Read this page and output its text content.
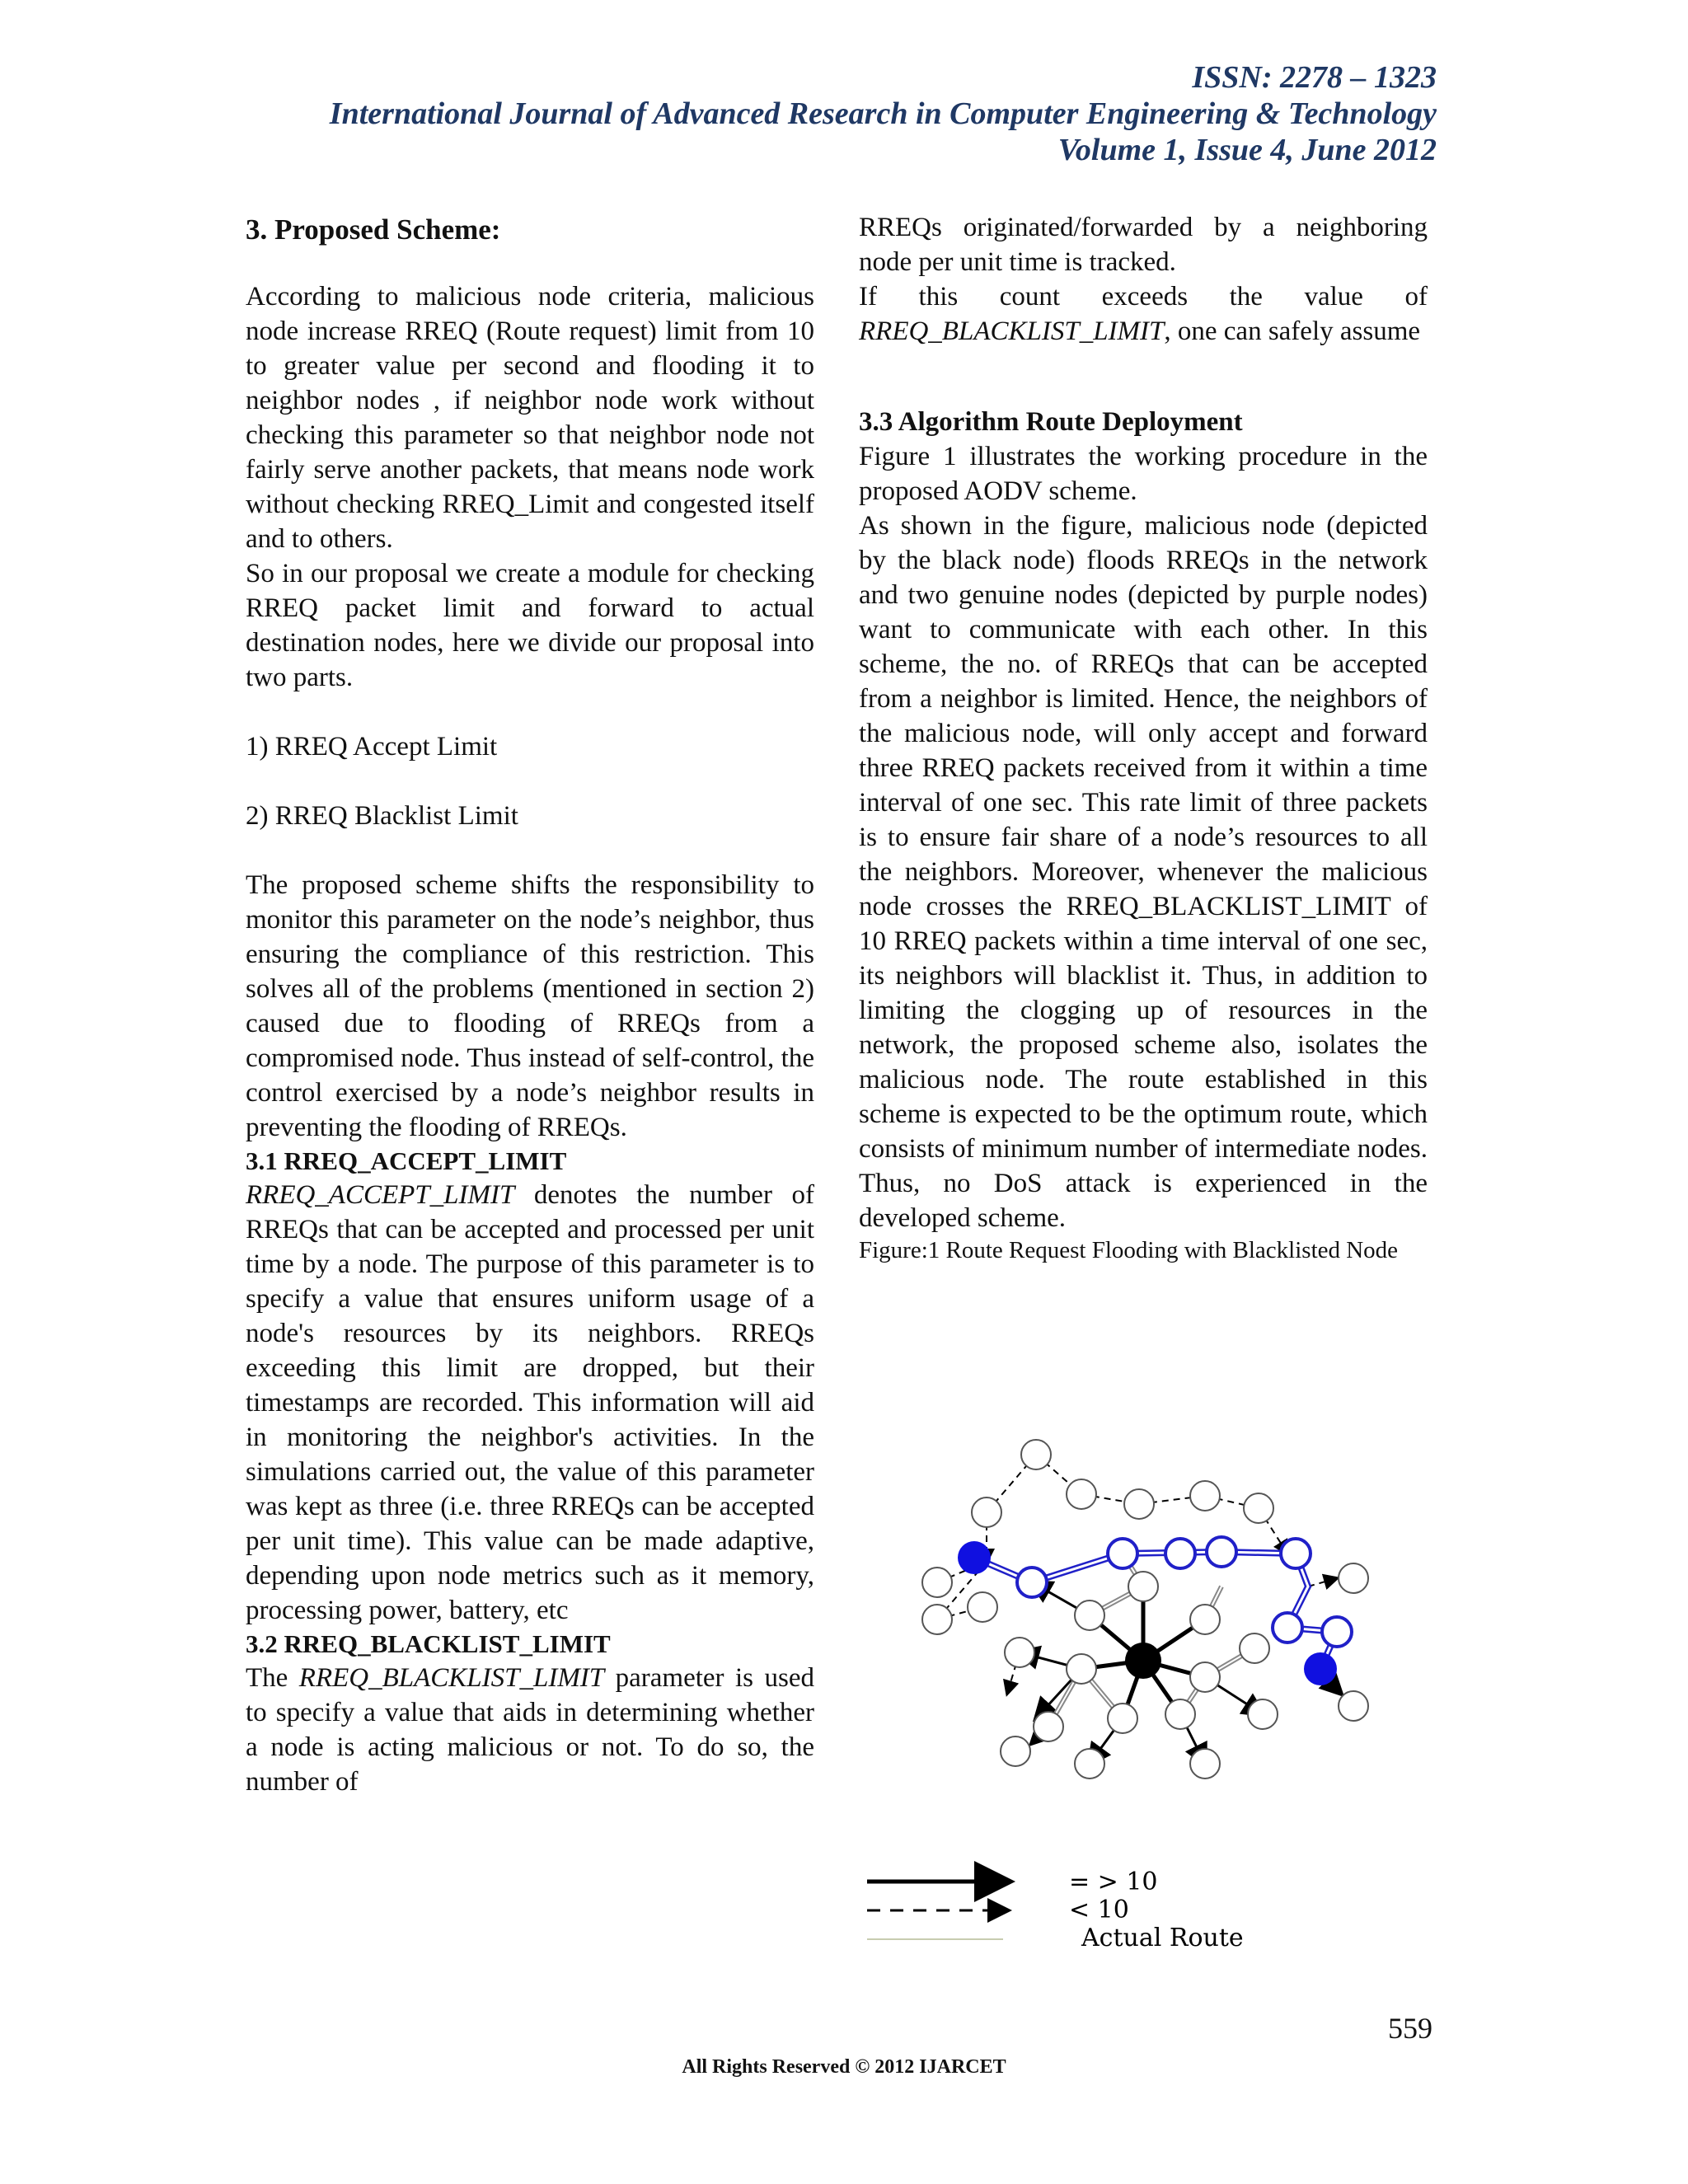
ISSN: 2278 – 1323
International Journal of Advanced Research in Computer Engineering & Technology
Volume 1, Issue 4, June 2012

3. Proposed Scheme:

According to malicious node criteria, malicious node increase RREQ (Route request) limit from 10 to greater value per second and flooding it to neighbor nodes , if neighbor node work without checking this parameter so that neighbor node not fairly serve another packets, that means node work without checking RREQ_Limit and congested itself and to others.

So in our proposal we create a module for checking RREQ packet limit and forward to actual destination nodes, here we divide our proposal into two parts.

1) RREQ Accept Limit

2) RREQ Blacklist Limit

The proposed scheme shifts the responsibility to monitor this parameter on the node’s neighbor, thus ensuring the compliance of this restriction. This solves all of the problems (mentioned in section 2) caused due to flooding of RREQs from a compromised node. Thus instead of self-control, the control exercised by a node’s neighbor results in preventing the flooding of RREQs.

3.1 RREQ_ACCEPT_LIMIT

RREQ_ACCEPT_LIMIT denotes the number of RREQs that can be accepted and processed per unit time by a node. The purpose of this parameter is to specify a value that ensures uniform usage of a node's resources by its neighbors. RREQs exceeding this limit are dropped, but their timestamps are recorded. This information will aid in monitoring the neighbor's activities. In the simulations carried out, the value of this parameter was kept as three (i.e. three RREQs can be accepted per unit time). This value can be made adaptive, depending upon node metrics such as it memory, processing power, battery, etc

3.2 RREQ_BLACKLIST_LIMIT

The RREQ_BLACKLIST_LIMIT parameter is used to specify a value that aids in determining whether a node is acting malicious or not. To do so, the number of

RREQs originated/forwarded by a neighboring node per unit time is tracked.

If this count exceeds the value of RREQ_BLACKLIST_LIMIT, one can safely assume

3.3 Algorithm Route Deployment

Figure 1 illustrates the working procedure in the proposed AODV scheme.

As shown in the figure, malicious node (depicted by the black node) floods RREQs in the network and two genuine nodes (depicted by purple nodes) want to communicate with each other. In this scheme, the no. of RREQs that can be accepted from a neighbor is limited. Hence, the neighbors of the malicious node, will only accept and forward three RREQ packets received from it within a time interval of one sec. This rate limit of three packets is to ensure fair share of a node’s resources to all the neighbors. Moreover, whenever the malicious node crosses the RREQ_BLACKLIST_LIMIT of 10 RREQ packets within a time interval of one sec, its neighbors will blacklist it. Thus, in addition to limiting the clogging up of resources in the network, the proposed scheme also, isolates the malicious node. The route established in this scheme is expected to be the optimum route, which consists of minimum number of intermediate nodes. Thus, no DoS attack is experienced in the developed scheme.

Figure:1 Route Request Flooding with Blacklisted Node

= > 10
< 10
Actual Route
559
All Rights Reserved © 2012 IJARCET
